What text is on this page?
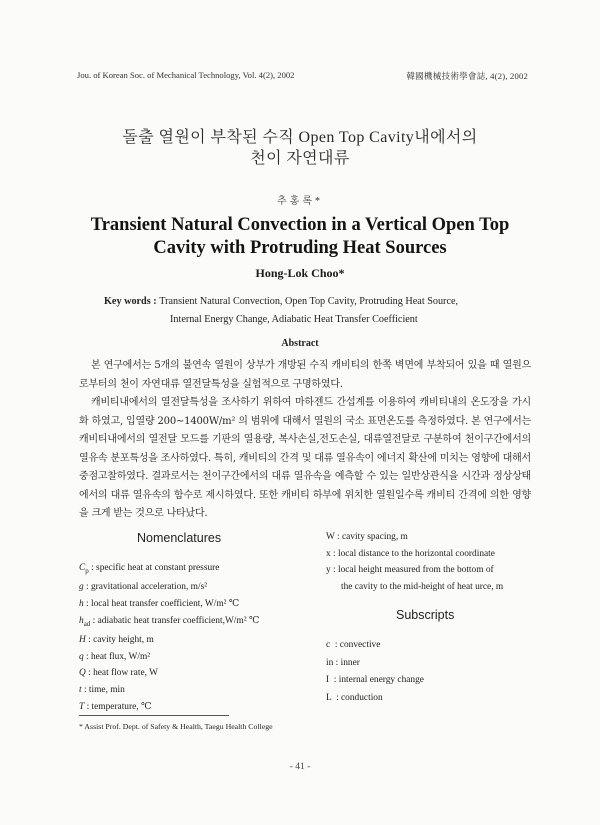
Jou. of Korean Soc. of Mechanical Technology, Vol. 4(2), 2002	韓國機械技術學會誌, 4(2), 2002
돌출 열원이 부착된 수직 Open Top Cavity내에서의
천이 자연대류
추홍록*
Transient Natural Convection in a Vertical Open Top
Cavity with Protruding Heat Sources
Hong-Lok Choo*
Key words : Transient Natural Convection, Open Top Cavity, Protruding Heat Source,
Internal Energy Change, Adiabatic Heat Transfer Coefficient
Abstract

본 연구에서는 5개의 불연속 열원이 상부가 개방된 수직 캐비티의 한쪽 벽면에 부착되어 있을 때 열원으로부터의 천이 자연대류 열전달특성을 실험적으로 구명하였다.

캐비티내에서의 열전달특성을 조사하기 위하여 마하젠드 간섭계를 이용하여 캐비티내의 온도장을 가시화 하였고, 입열량 200∼1400W/m² 의 범위에 대해서 열원의 국소 표면온도를 측정하였다. 본 연구에서는 캐비티내에서의 열전달 모드를 기판의 열용량, 복사손실,전도손실, 대류열전달로 구분하여 천이구간에서의 열유속 분포특성을 조사하였다. 특히, 캐비티의 간격 및 대류 열유속이 에너지 확산에 미치는 영향에 대해서 중점고찰하였다. 결과로서는 천이구간에서의 대류 열유속을 예측할 수 있는 일반상관식을 시간과 정상상태에서의 대류 열유속의 함수로 제시하였다. 또한 캐비티 하부에 위치한 열원일수록 캐비티 간격에 의한 영향을 크게 받는 것으로 나타났다.

Nomenclatures
$C_p$ : specific heat at constant pressure
g : gravitational acceleration, m/s²
h : local heat transfer coefficient, W/m² ℃
$h_{ad}$ : adiabatic heat transfer coefficient,W/m² ℃
H : cavity height, m
q : heat flux, W/m²
Q : heat flow rate, W
t : time, min
T : temperature, ℃
W : cavity spacing, m
x : local distance to the horizontal coordinate
y : local height measured from the bottom of
the cavity to the mid-height of heat urce, m
Subscripts
c  : convective
in : inner
I  : internal energy change
L  : conduction
* Assist Prof. Dept. of Safety & Health, Taegu Health College
- 41 -
